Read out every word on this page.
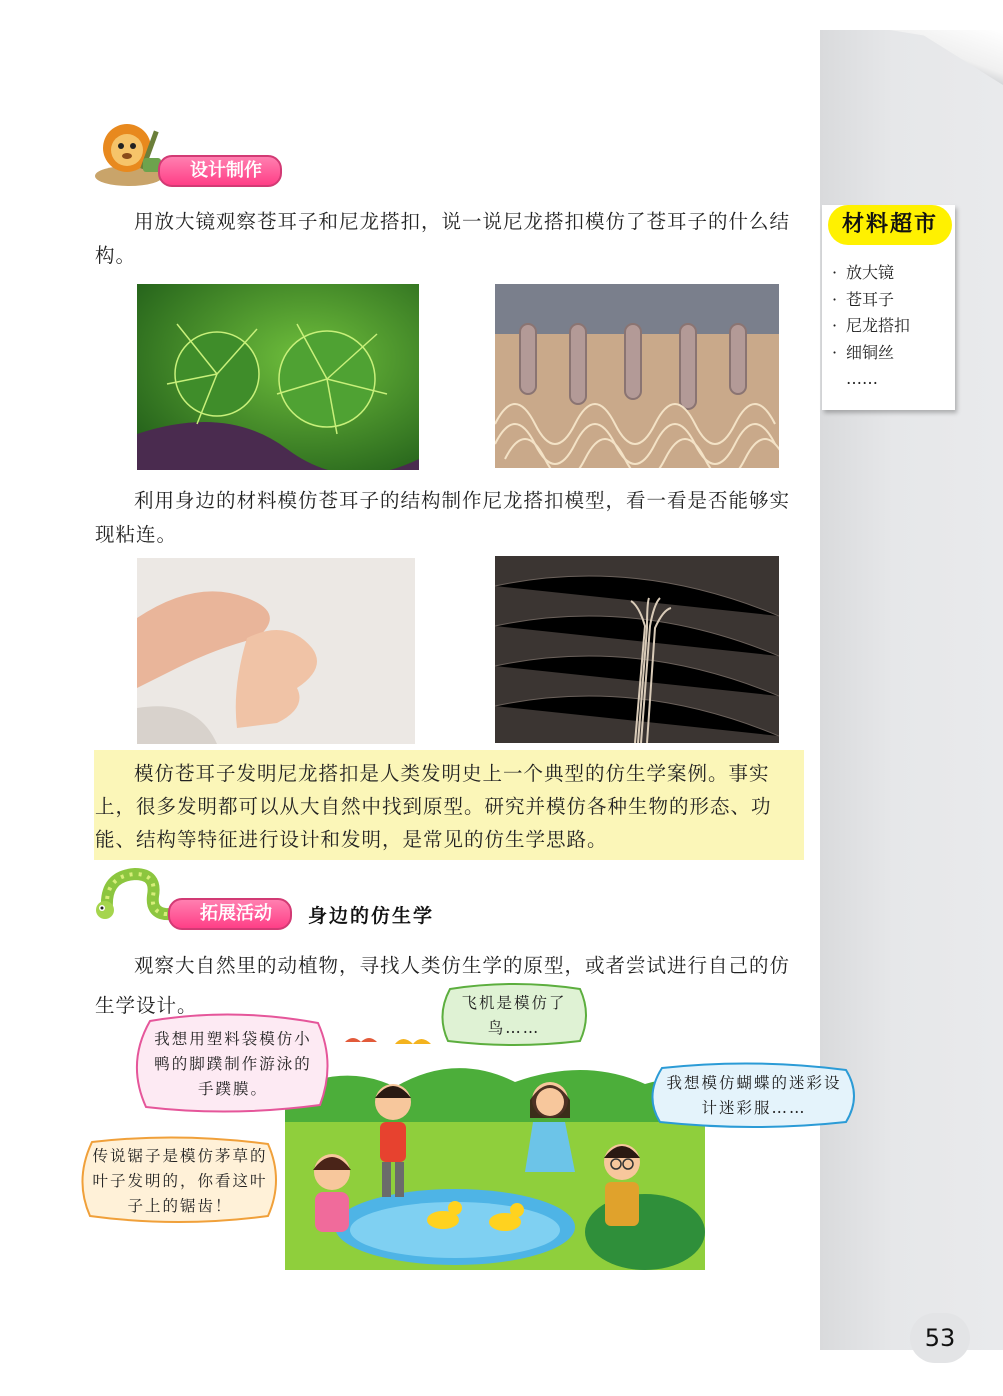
材料超市
· 放大镜
· 苍耳子
· 尼龙搭扣
· 细铜丝
……
53
设计制作

用放大镜观察苍耳子和尼龙搭扣，说一说尼龙搭扣模仿了苍耳子的什么结构。

利用身边的材料模仿苍耳子的结构制作尼龙搭扣模型，看一看是否能够实现粘连。

模仿苍耳子发明尼龙搭扣是人类发明史上一个典型的仿生学案例。事实上，很多发明都可以从大自然中找到原型。研究并模仿各种生物的形态、功能、结构等特征进行设计和发明，是常见的仿生学思路。

拓展活动	身边的仿生学

观察大自然里的动植物，寻找人类仿生学的原型，或者尝试进行自己的仿生学设计。

我想用塑料袋模仿小鸭的脚蹼制作游泳的手蹼膜。
飞机是模仿了鸟……
我想模仿蝴蝶的迷彩设计迷彩服……
传说锯子是模仿茅草的叶子发明的，你看这叶子上的锯齿！
